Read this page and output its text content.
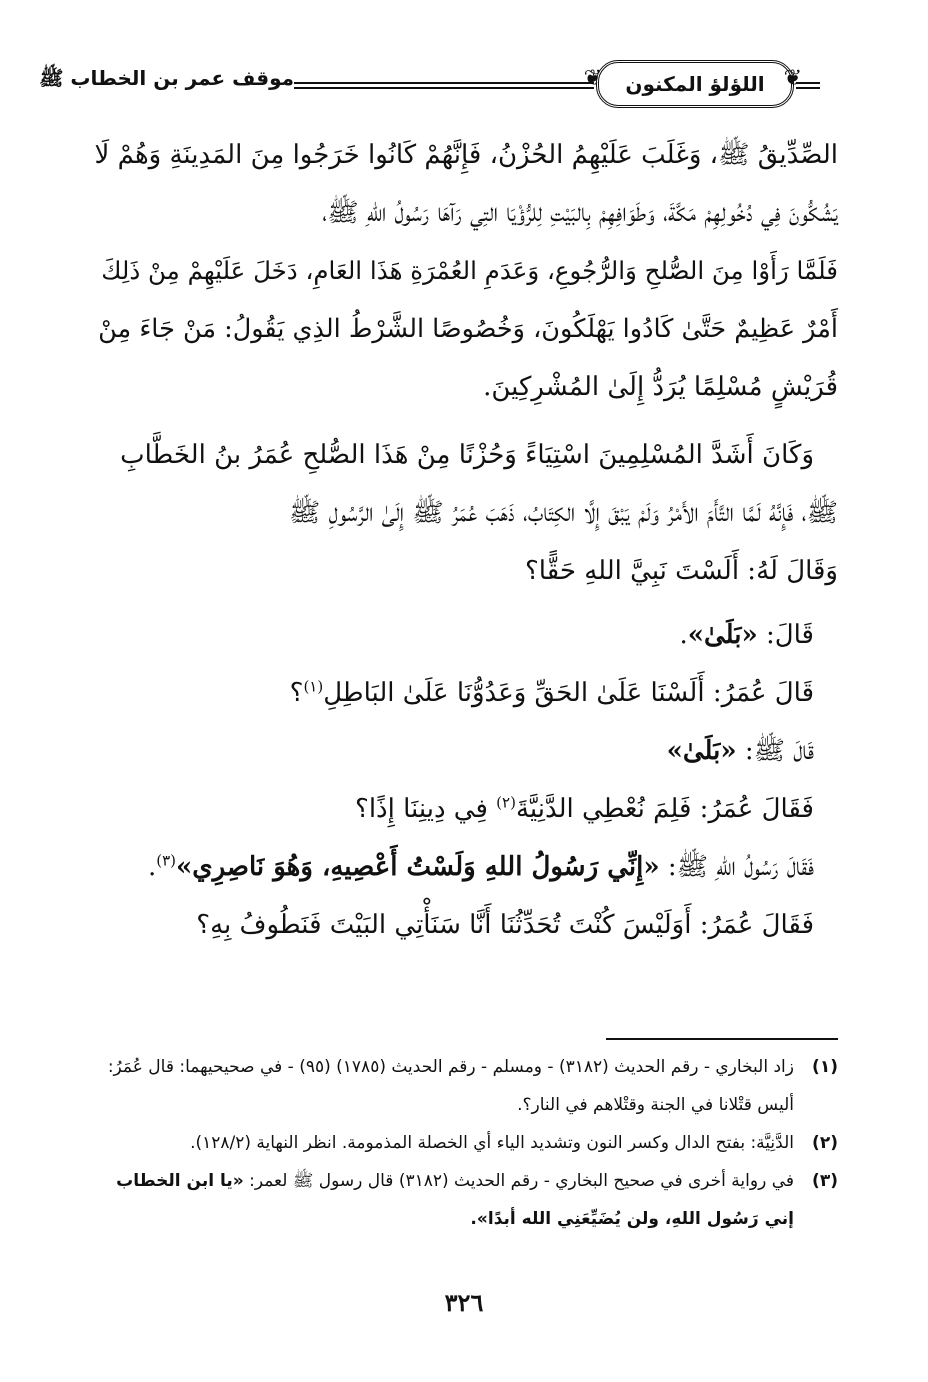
❦
اللؤلؤ المكنون
❦
موقف عمر بن الخطاب ﷺ

الصِّدِّيقُ ﷺ، وَغَلَبَ عَلَيْهِمُ الحُزْنُ، فَإِنَّهُمْ كَانُوا خَرَجُوا مِنَ المَدِينَةِ وَهُمْ لَا

يَشُكُّونَ فِي دُخُولِهِمْ مَكَّةَ، وَطَوَافِهِمْ بِالبَيْتِ لِلرُّؤْيَا التِي رَآهَا رَسُولُ اللهِ ﷺ،

فَلَمَّا رَأَوْا مِنَ الصُّلحِ وَالرُّجُوعِ، وَعَدَمِ العُمْرَةِ هَذَا العَامِ، دَخَلَ عَلَيْهِمْ مِنْ ذَلِكَ

أَمْرٌ عَظِيمٌ حَتَّىٰ كَادُوا يَهْلَكُونَ، وَخُصُوصًا الشَّرْطُ الذِي يَقُولُ: مَنْ جَاءَ مِنْ

قُرَيْشٍ مُسْلِمًا يُرَدُّ إِلَىٰ المُشْرِكِينَ.

وَكَانَ أَشَدَّ المُسْلِمِينَ اسْتِيَاءً وَحُزْنًا مِنْ هَذَا الصُّلحِ عُمَرُ بنُ الخَطَّابِ

ﷺ، فَإِنَّهُ لَمَّا التَّأَمَ الأَمْرُ وَلَمْ يَبْقَ إِلَّا الكِتَابُ، ذَهَبَ عُمَرُ ﷺ إِلَىٰ الرَّسُولِ ﷺ

وَقَالَ لَهُ: أَلَسْتَ نَبِيَّ اللهِ حَقًّا؟

قَالَ: «بَلَىٰ».

قَالَ عُمَرُ: أَلَسْنَا عَلَىٰ الحَقِّ وَعَدُوُّنَا عَلَىٰ البَاطِلِ$^{(١)}$؟

قَالَ ﷺ: «بَلَىٰ»

فَقَالَ عُمَرُ: فَلِمَ نُعْطِي الدَّنِيَّةَ$^{(٢)}$ فِي دِينِنَا إِذًا؟

فَقَالَ رَسُولُ اللهِ ﷺ: «إِنِّي رَسُولُ اللهِ وَلَسْتُ أَعْصِيهِ، وَهُوَ نَاصِرِي»$^{(٣)}$.

فَقَالَ عُمَرُ: أَوَلَيْسَ كُنْتَ تُحَدِّثُنَا أَنَّا سَنَأْتِي البَيْتَ فَنَطُوفُ بِهِ؟

(١)
زاد البخاري - رقم الحديث (٣١٨٢) - ومسلم - رقم الحديث (١٧٨٥) (٩٥) - في صحيحيهما: قال عُمَرُ: أليس قتْلانا في الجنة وقتْلاهم في النار؟.
(٢)
الدَّنِيَّة: بفتح الدال وكسر النون وتشديد الياء أي الخصلة المذمومة. انظر النهاية (١٢٨/٢).
(٣)
في رواية أخرى في صحيح البخاري - رقم الحديث (٣١٨٢) قال رسول ﷺ لعمر: «يا ابن الخطاب إني رَسُول اللهِ، ولن يُضَيِّعَنِي الله أبدًا».
٣٢٦
